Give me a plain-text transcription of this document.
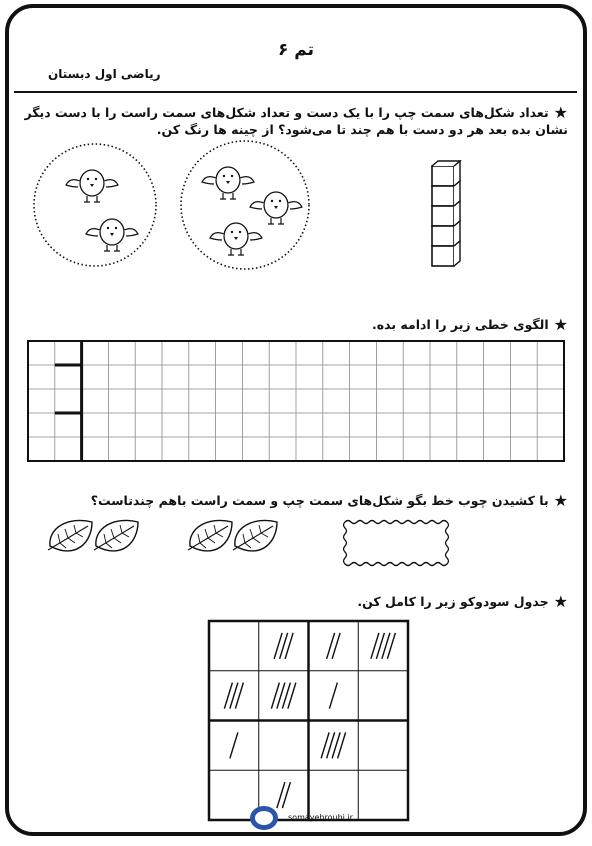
تم ۶
ریاضی اول دبستان
★تعداد شکل‌های سمت چپ را با یک دست و تعداد شکل‌های سمت راست را با دست دیگر نشان بده بعد هر دو دست با هم چند تا می‌شود؟ از چینه ها رنگ کن.
★الگوی خطی زیر را ادامه بده.
★با کشیدن چوب خط بگو شکل‌های سمت چپ و سمت راست باهم چندتاست؟
★جدول سودوکو زیر را کامل کن.
somayehrouhi.ir
